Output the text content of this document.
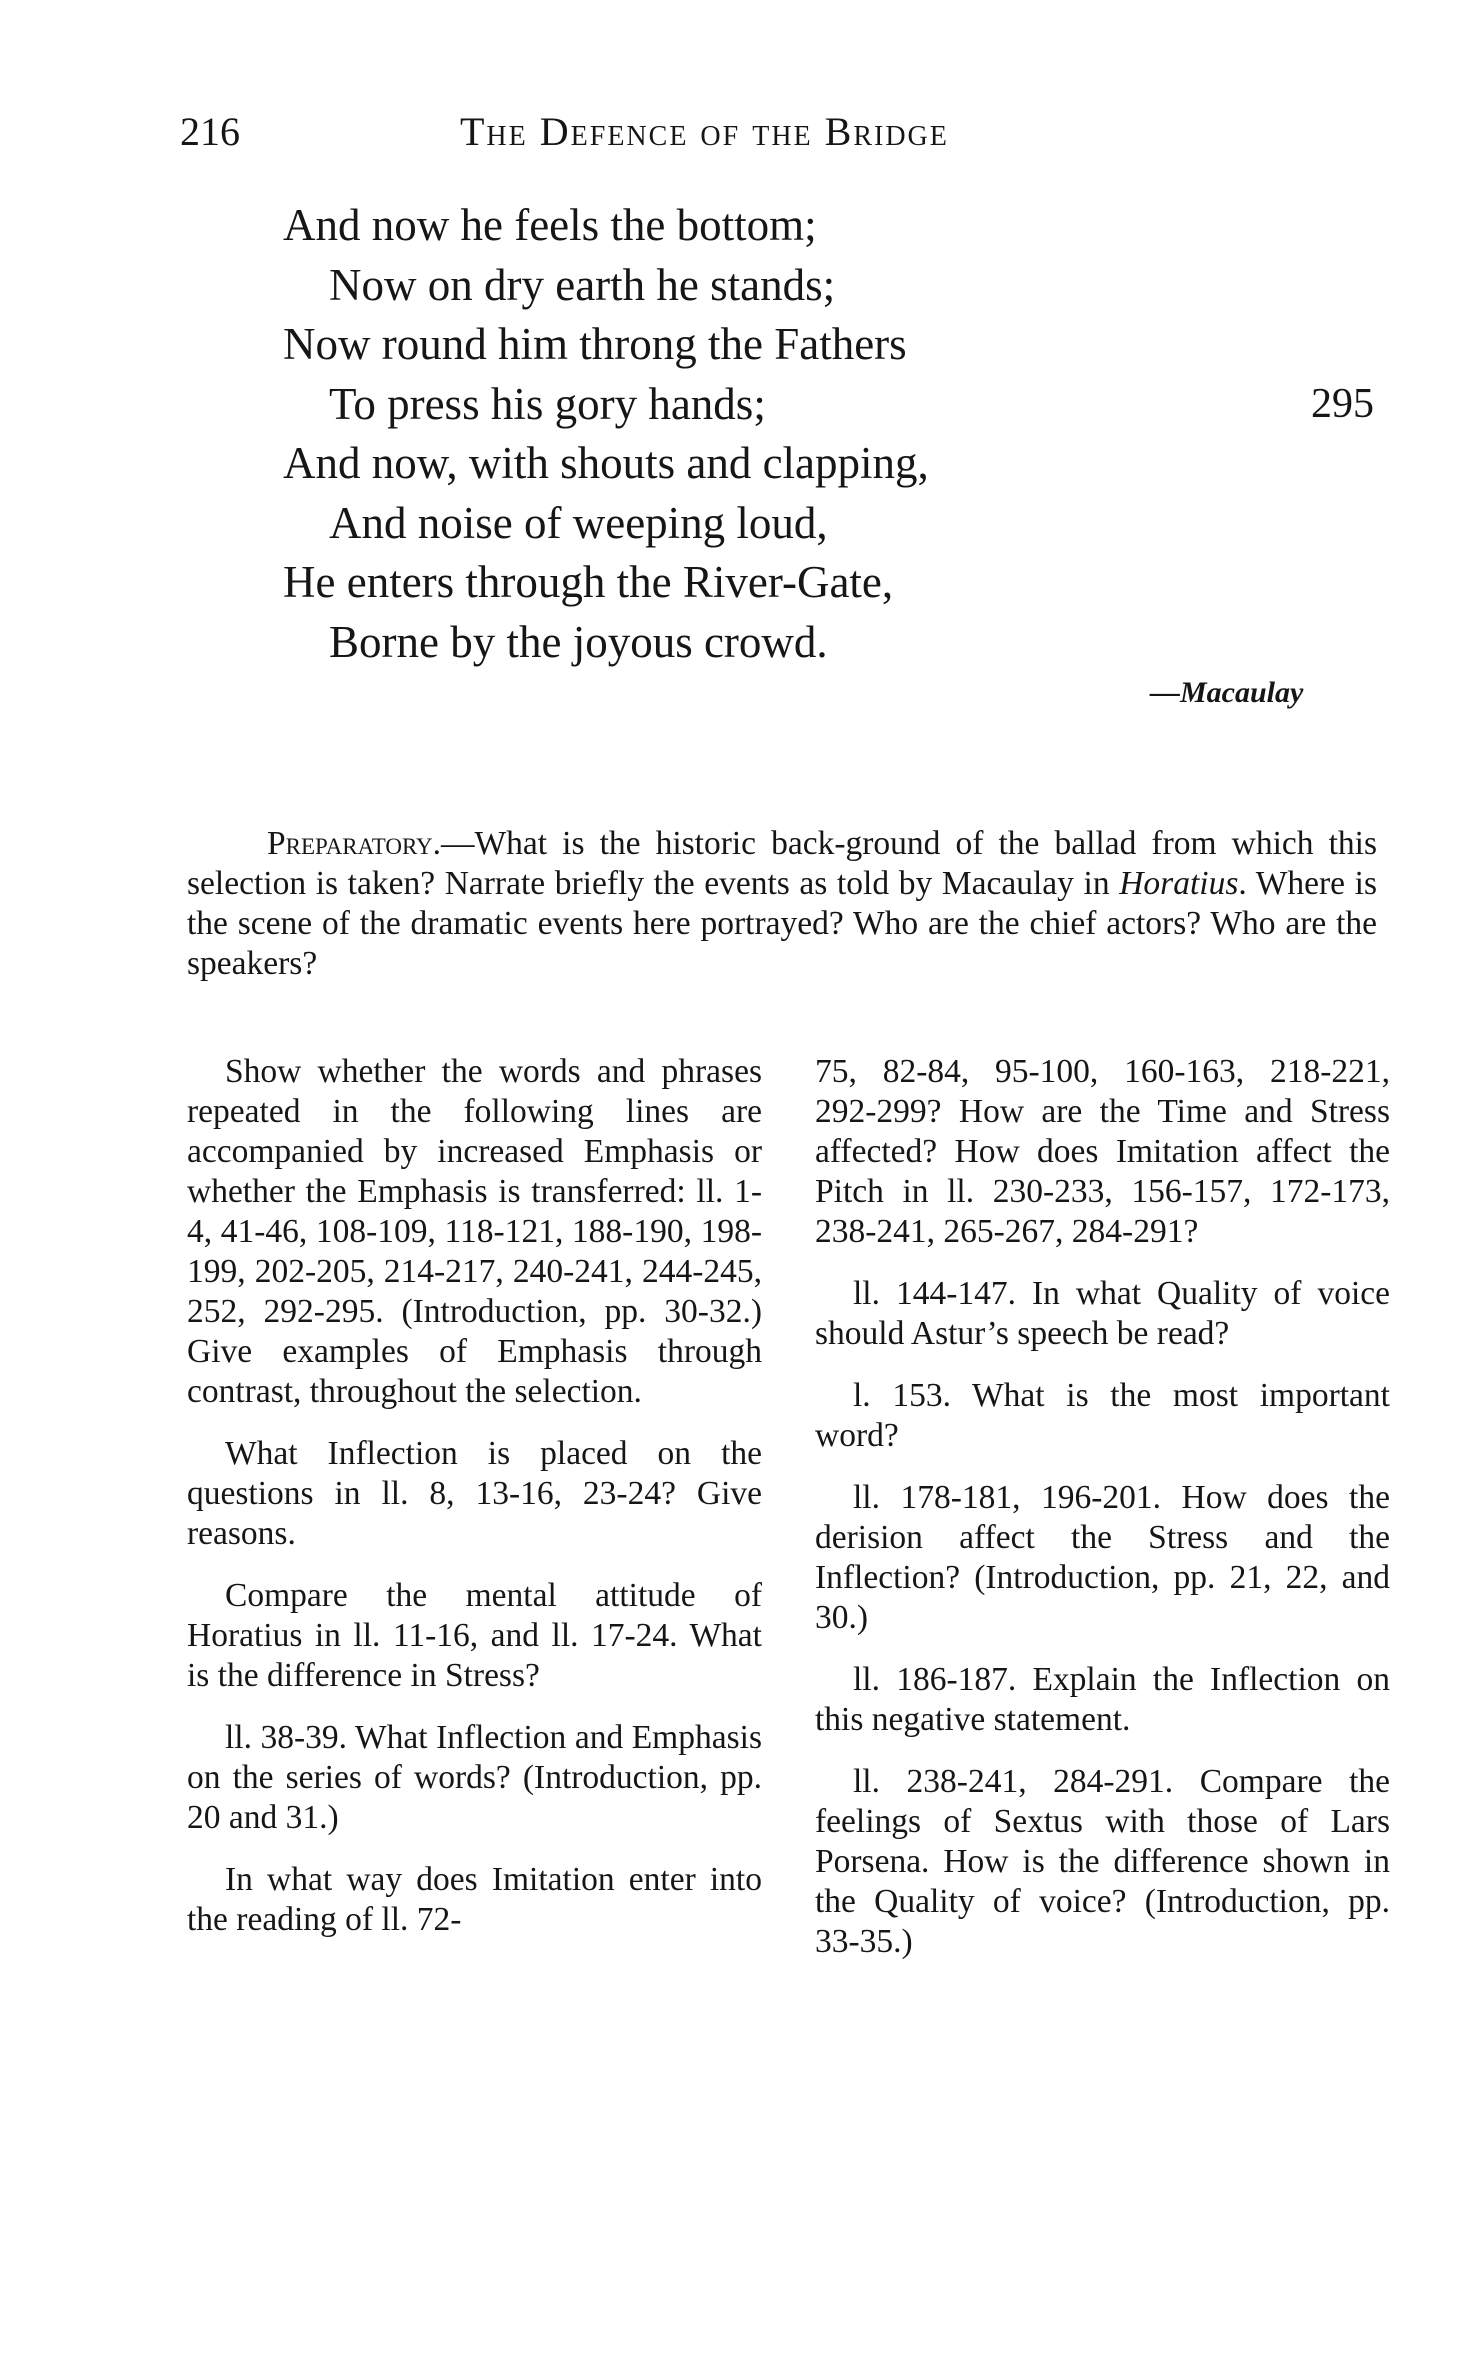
216	The Defence of the Bridge
And now he feels the bottom;
Now on dry earth he stands;
Now round him throng the Fathers
To press his gory hands;	295
And now, with shouts and clapping,
And noise of weeping loud,
He enters through the River-Gate,
Borne by the joyous crowd.
—Macaulay

Preparatory.—What is the historic back-ground of the ballad from which this selection is taken? Narrate briefly the events as told by Macaulay in Horatius. Where is the scene of the dramatic events here portrayed? Who are the chief actors? Who are the speakers?

Show whether the words and phrases repeated in the following lines are accompanied by increased Emphasis or whether the Emphasis is transferred: ll. 1-4, 41-46, 108-109, 118-121, 188-190, 198-199, 202-205, 214-217, 240-241, 244-245, 252, 292-295. (Introduction, pp. 30-32.) Give examples of Emphasis through contrast, throughout the selection.

What Inflection is placed on the questions in ll. 8, 13-16, 23-24? Give reasons.

Compare the mental attitude of Horatius in ll. 11-16, and ll. 17-24. What is the difference in Stress?

ll. 38-39. What Inflection and Emphasis on the series of words? (Introduction, pp. 20 and 31.)

In what way does Imitation enter into the reading of ll. 72-

75, 82-84, 95-100, 160-163, 218-221, 292-299? How are the Time and Stress affected? How does Imitation affect the Pitch in ll. 230-233, 156-157, 172-173, 238-241, 265-267, 284-291?

ll. 144-147. In what Quality of voice should Astur’s speech be read?

l. 153. What is the most important word?

ll. 178-181, 196-201. How does the derision affect the Stress and the Inflection? (Introduction, pp. 21, 22, and 30.)

ll. 186-187. Explain the Inflection on this negative statement.

ll. 238-241, 284-291. Compare the feelings of Sextus with those of Lars Porsena. How is the difference shown in the Quality of voice? (Introduction, pp. 33-35.)
